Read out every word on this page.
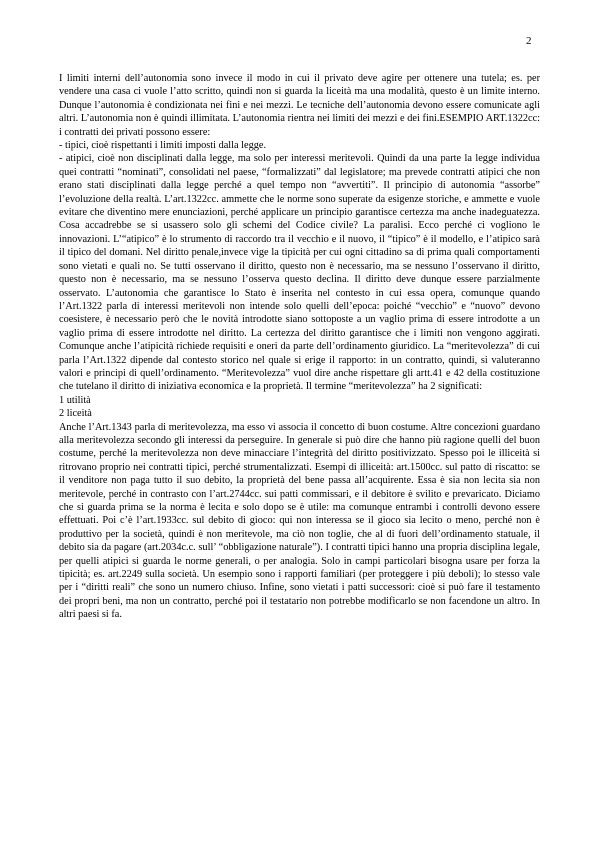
2

I limiti interni dell’autonomia sono invece il modo in cui il privato deve agire per ottenere una tutela; es. per vendere una casa ci vuole l’atto scritto, quindi non si guarda la liceità ma una modalità, questo è un limite interno. Dunque l’autonomia è condizionata nei fini e nei mezzi. Le tecniche dell’autonomia devono essere comunicate agli altri. L’autonomia non è quindi illimitata. L’autonomia rientra nei limiti dei mezzi e dei fini.ESEMPIO ART.1322cc: i contratti dei privati possono essere:

- tipici, cioè rispettanti i limiti imposti dalla legge.

- atipici, cioè non disciplinati dalla legge, ma solo per interessi meritevoli. Quindi da una parte la legge individua quei contratti “nominati”, consolidati nel paese, “formalizzati” dal legislatore; ma prevede contratti atipici che non erano stati disciplinati dalla legge perché a quel tempo non “avvertiti”. Il principio di autonomia “assorbe” l’evoluzione della realtà. L’art.1322cc. ammette che le norme sono superate da esigenze storiche, e ammette e vuole evitare che diventino mere enunciazioni, perché applicare un principio garantisce certezza ma anche inadeguatezza. Cosa accadrebbe se si usassero solo gli schemi del Codice civile? La paralisi. Ecco perché ci vogliono le innovazioni. L’“atipico” è lo strumento di raccordo tra il vecchio e il nuovo, il “tipico” è il modello, e l’atipico sarà il tipico del domani. Nel diritto penale,invece vige la tipicità per cui ogni cittadino sa di prima quali comportamenti sono vietati e quali no. Se tutti osservano il diritto, questo non è necessario, ma se nessuno l’osservano il diritto, questo non è necessario, ma se nessuno l’osserva questo declina. Il diritto deve dunque essere parzialmente osservato. L’autonomia che garantisce lo Stato è inserita nel contesto in cui essa opera, comunque quando l’Art.1322 parla di interessi meritevoli non intende solo quelli dell’epoca: poiché “vecchio” e “nuovo” devono coesistere, è necessario però che le novità introdotte siano sottoposte a un vaglio prima di essere introdotte a un vaglio prima di essere introdotte nel diritto. La certezza del diritto garantisce che i limiti non vengono aggirati. Comunque anche l’atipicità richiede requisiti e oneri da parte dell’ordinamento giuridico. La “meritevolezza” di cui parla l’Art.1322 dipende dal contesto storico nel quale si erige il rapporto: in un contratto, quindi, si valuteranno valori e principi di quell’ordinamento. “Meritevolezza” vuol dire anche rispettare gli artt.41 e 42 della costituzione che tutelano il diritto di iniziativa economica e la proprietà. Il termine “meritevolezza” ha 2 significati:

1 utilità

2 liceità

Anche l’Art.1343 parla di meritevolezza, ma esso vi associa il concetto di buon costume. Altre concezioni guardano alla meritevolezza secondo gli interessi da perseguire. In generale si può dire che hanno più ragione quelli del buon costume, perché la meritevolezza non deve minacciare l’integrità del diritto positivizzato. Spesso poi le illiceità si ritrovano proprio nei contratti tipici, perché strumentalizzati. Esempi di illiceità: art.1500cc. sul patto di riscatto: se il venditore non paga tutto il suo debito, la proprietà del bene passa all’acquirente. Essa è sia non lecita sia non meritevole, perché in contrasto con l’art.2744cc. sui patti commissari, e il debitore è svilito e prevaricato. Diciamo che si guarda prima se la norma è lecita e solo dopo se è utile: ma comunque entrambi i controlli devono essere effettuati. Poi c’è l’art.1933cc. sul debito di gioco: qui non interessa se il gioco sia lecito o meno, perché non è produttivo per la società, quindi è non meritevole, ma ciò non toglie, che al di fuori dell’ordinamento statuale, il debito sia da pagare (art.2034c.c. sull’ “obbligazione naturale”). I contratti tipici hanno una propria disciplina legale, per quelli atipici si guarda le norme generali, o per analogia. Solo in campi particolari bisogna usare per forza la tipicità; es. art.2249 sulla società. Un esempio sono i rapporti familiari (per proteggere i più deboli); lo stesso vale per i “diritti reali” che sono un numero chiuso. Infine, sono vietati i patti successori: cioè si può fare il testamento dei propri beni, ma non un contratto, perché poi il testatario non potrebbe modificarlo se non facendone un altro. In altri paesi si fa.
